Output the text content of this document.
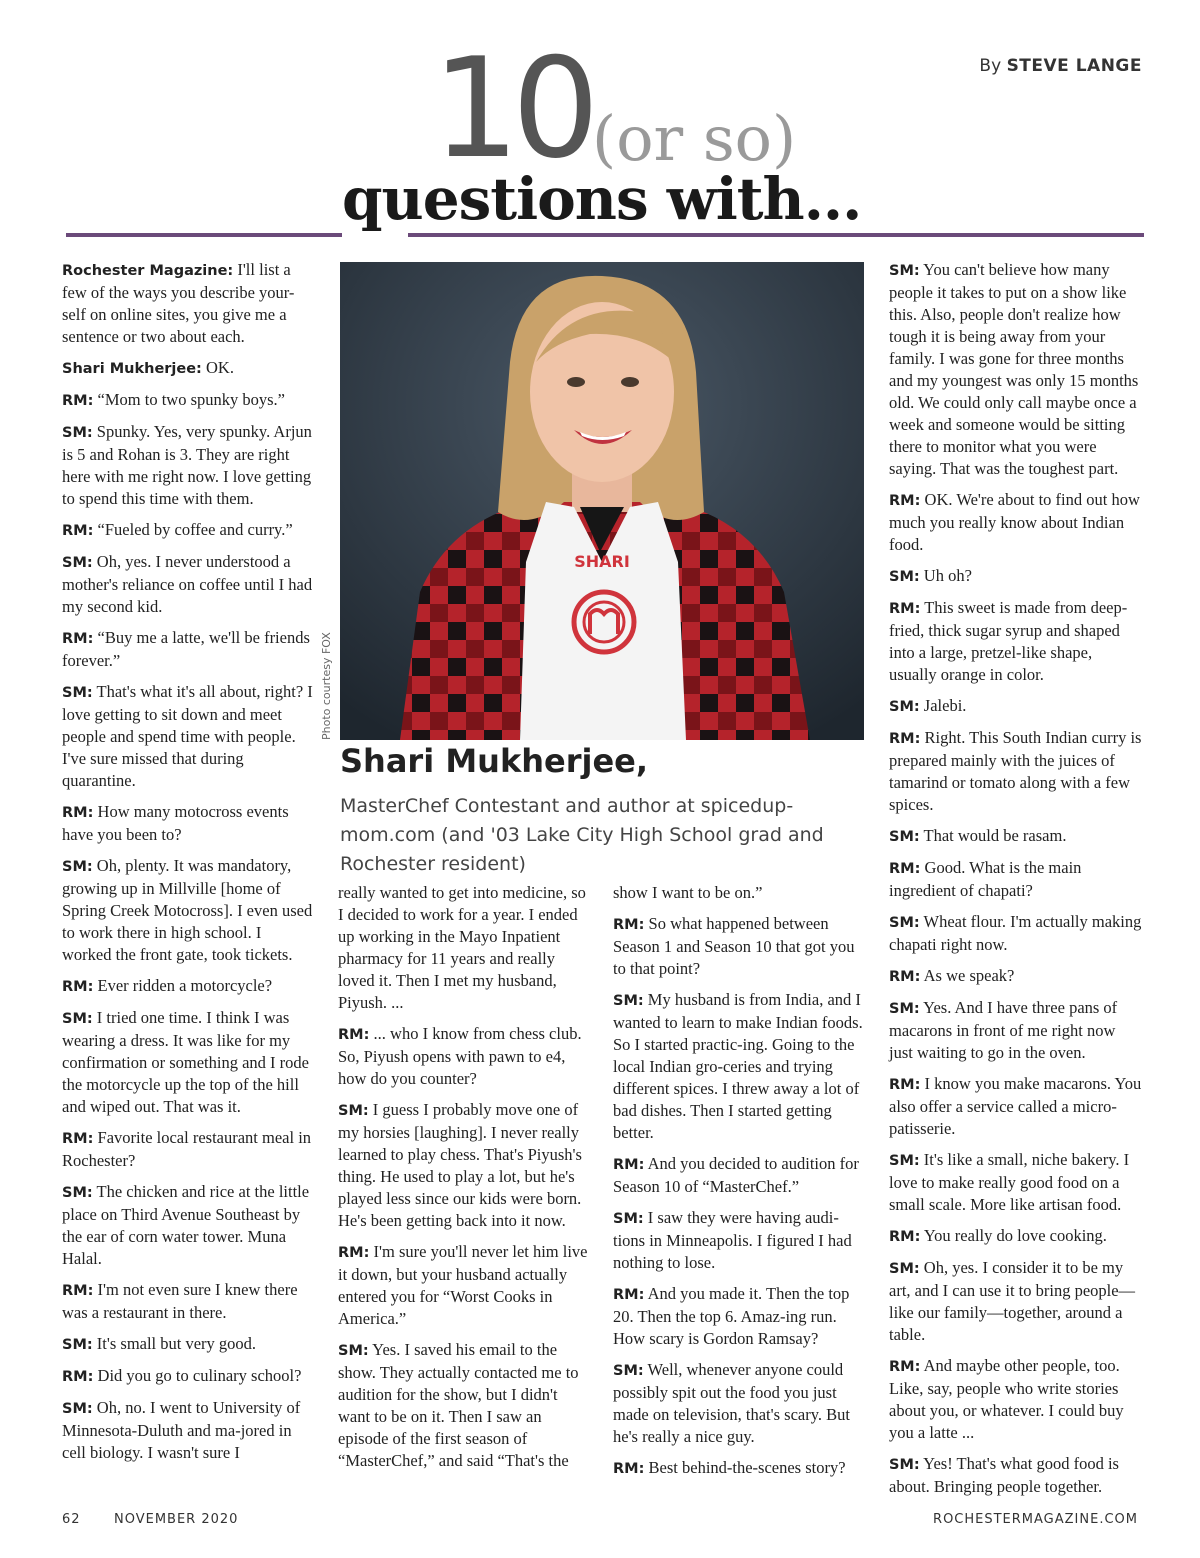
By STEVE LANGE
10 (or so)
questions with...

Rochester Magazine: I'll list a few of the ways you describe your-self on online sites, you give me a sentence or two about each.

Shari Mukherjee: OK.

RM: “Mom to two spunky boys.”

SM: Spunky. Yes, very spunky. Arjun is 5 and Rohan is 3. They are right here with me right now. I love getting to spend this time with them.

RM: “Fueled by coffee and curry.”

SM: Oh, yes. I never understood a mother's reliance on coffee until I had my second kid.

RM: “Buy me a latte, we'll be friends forever.”

SM: That's what it's all about, right? I love getting to sit down and meet people and spend time with people. I've sure missed that during quarantine.

RM: How many motocross events have you been to?

SM: Oh, plenty. It was mandatory, growing up in Millville [home of Spring Creek Motocross]. I even used to work there in high school. I worked the front gate, took tickets.

RM: Ever ridden a motorcycle?

SM: I tried one time. I think I was wearing a dress. It was like for my confirmation or something and I rode the motorcycle up the top of the hill and wiped out. That was it.

RM: Favorite local restaurant meal in Rochester?

SM: The chicken and rice at the little place on Third Avenue Southeast by the ear of corn water tower. Muna Halal.

RM: I'm not even sure I knew there was a restaurant in there.

SM: It's small but very good.

RM: Did you go to culinary school?

SM: Oh, no. I went to University of Minnesota-Duluth and ma-jored in cell biology. I wasn't sure I

SHARI
Photo courtesy FOX
Shari Mukherjee,
MasterChef Contestant and author at spicedup-mom.com (and '03 Lake City High School grad and Rochester resident)

really wanted to get into medicine, so I decided to work for a year. I ended up working in the Mayo Inpatient pharmacy for 11 years and really loved it. Then I met my husband, Piyush. ...

RM: ... who I know from chess club. So, Piyush opens with pawn to e4, how do you counter?

SM: I guess I probably move one of my horsies [laughing]. I never really learned to play chess. That's Piyush's thing. He used to play a lot, but he's played less since our kids were born. He's been getting back into it now.

RM: I'm sure you'll never let him live it down, but your husband actually entered you for “Worst Cooks in America.”

SM: Yes. I saved his email to the show. They actually contacted me to audition for the show, but I didn't want to be on it. Then I saw an episode of the first season of “MasterChef,” and said “That's the

show I want to be on.”

RM: So what happened between Season 1 and Season 10 that got you to that point?

SM: My husband is from India, and I wanted to learn to make Indian foods. So I started practic-ing. Going to the local Indian gro-ceries and trying different spices. I threw away a lot of bad dishes. Then I started getting better.

RM: And you decided to audition for Season 10 of “MasterChef.”

SM: I saw they were having audi-tions in Minneapolis. I figured I had nothing to lose.

RM: And you made it. Then the top 20. Then the top 6. Amaz-ing run. How scary is Gordon Ramsay?

SM: Well, whenever anyone could possibly spit out the food you just made on television, that's scary. But he's really a nice guy.

RM: Best behind-the-scenes story?

SM: You can't believe how many people it takes to put on a show like this. Also, people don't realize how tough it is being away from your family. I was gone for three months and my youngest was only 15 months old. We could only call maybe once a week and someone would be sitting there to monitor what you were saying. That was the toughest part.

RM: OK. We're about to find out how much you really know about Indian food.

SM: Uh oh?

RM: This sweet is made from deep-fried, thick sugar syrup and shaped into a large, pretzel-like shape, usually orange in color.

SM: Jalebi.

RM: Right. This South Indian curry is prepared mainly with the juices of tamarind or tomato along with a few spices.

SM: That would be rasam.

RM: Good. What is the main ingredient of chapati?

SM: Wheat flour. I'm actually making chapati right now.

RM: As we speak?

SM: Yes. And I have three pans of macarons in front of me right now just waiting to go in the oven.

RM: I know you make macarons. You also offer a service called a micro-patisserie.

SM: It's like a small, niche bakery. I love to make really good food on a small scale. More like artisan food.

RM: You really do love cooking.

SM: Oh, yes. I consider it to be my art, and I can use it to bring people—like our family—together, around a table.

RM: And maybe other people, too. Like, say, people who write stories about you, or whatever. I could buy you a latte ...

SM: Yes! That's what good food is about. Bringing people together.

62	NOVEMBER 2020	ROCHESTERMAGAZINE.COM
